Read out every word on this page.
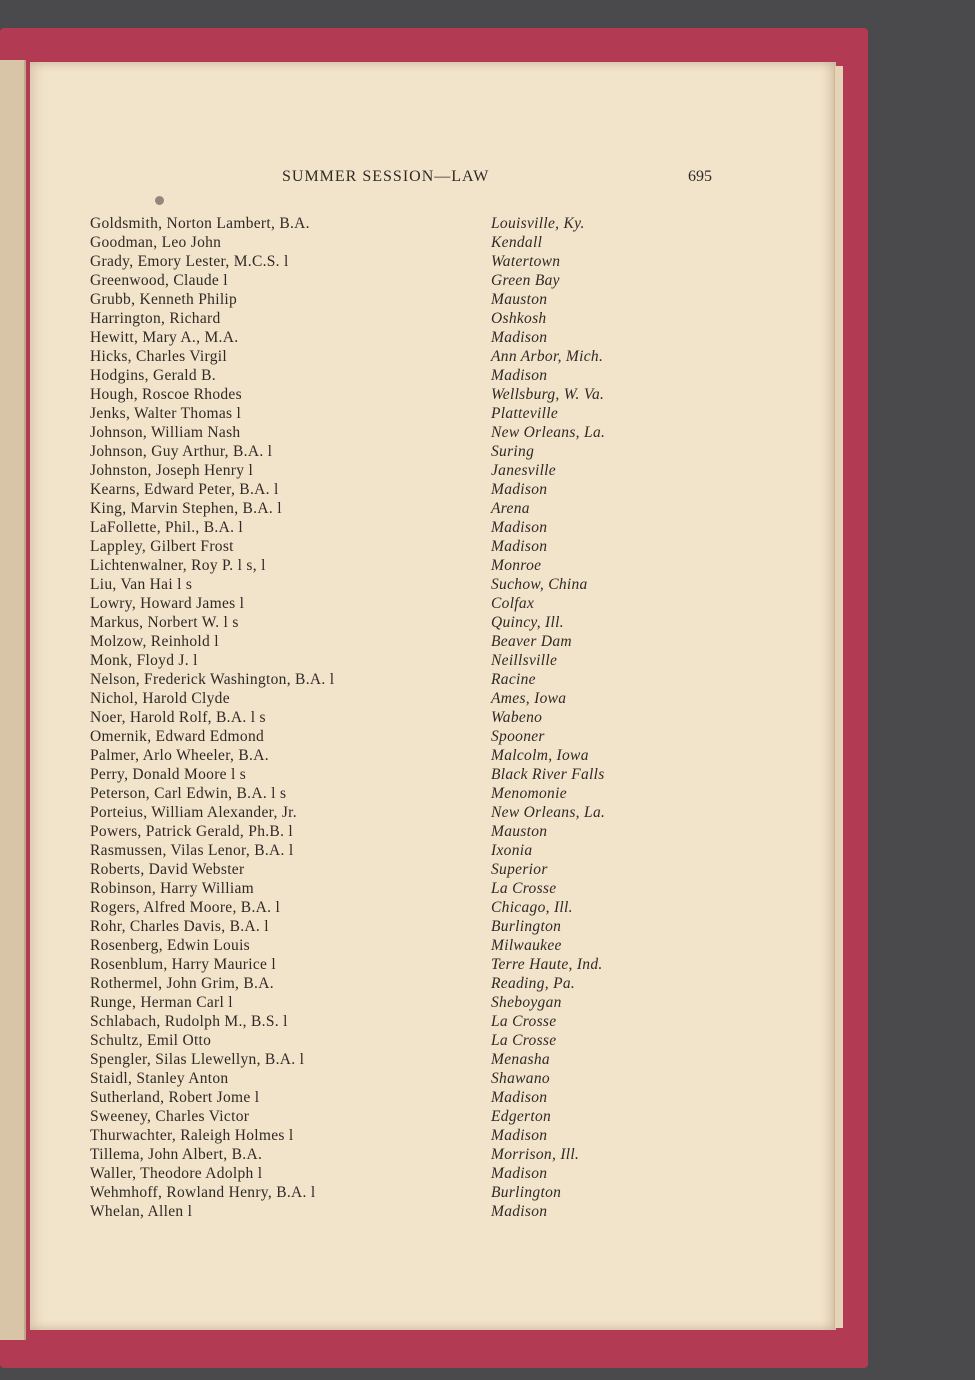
SUMMER SESSION—LAW	695
Goldsmith, Norton Lambert, B.A.	Louisville, Ky.
Goodman, Leo John	Kendall
Grady, Emory Lester, M.C.S. l	Watertown
Greenwood, Claude l	Green Bay
Grubb, Kenneth Philip	Mauston
Harrington, Richard	Oshkosh
Hewitt, Mary A., M.A.	Madison
Hicks, Charles Virgil	Ann Arbor, Mich.
Hodgins, Gerald B.	Madison
Hough, Roscoe Rhodes	Wellsburg, W. Va.
Jenks, Walter Thomas l	Platteville
Johnson, William Nash	New Orleans, La.
Johnson, Guy Arthur, B.A. l	Suring
Johnston, Joseph Henry l	Janesville
Kearns, Edward Peter, B.A. l	Madison
King, Marvin Stephen, B.A. l	Arena
LaFollette, Phil., B.A. l	Madison
Lappley, Gilbert Frost	Madison
Lichtenwalner, Roy P. l s, l	Monroe
Liu, Van Hai l s	Suchow, China
Lowry, Howard James l	Colfax
Markus, Norbert W. l s	Quincy, Ill.
Molzow, Reinhold l	Beaver Dam
Monk, Floyd J. l	Neillsville
Nelson, Frederick Washington, B.A. l	Racine
Nichol, Harold Clyde	Ames, Iowa
Noer, Harold Rolf, B.A. l s	Wabeno
Omernik, Edward Edmond	Spooner
Palmer, Arlo Wheeler, B.A.	Malcolm, Iowa
Perry, Donald Moore l s	Black River Falls
Peterson, Carl Edwin, B.A. l s	Menomonie
Porteius, William Alexander, Jr.	New Orleans, La.
Powers, Patrick Gerald, Ph.B. l	Mauston
Rasmussen, Vilas Lenor, B.A. l	Ixonia
Roberts, David Webster	Superior
Robinson, Harry William	La Crosse
Rogers, Alfred Moore, B.A. l	Chicago, Ill.
Rohr, Charles Davis, B.A. l	Burlington
Rosenberg, Edwin Louis	Milwaukee
Rosenblum, Harry Maurice l	Terre Haute, Ind.
Rothermel, John Grim, B.A.	Reading, Pa.
Runge, Herman Carl l	Sheboygan
Schlabach, Rudolph M., B.S. l	La Crosse
Schultz, Emil Otto	La Crosse
Spengler, Silas Llewellyn, B.A. l	Menasha
Staidl, Stanley Anton	Shawano
Sutherland, Robert Jome l	Madison
Sweeney, Charles Victor	Edgerton
Thurwachter, Raleigh Holmes l	Madison
Tillema, John Albert, B.A.	Morrison, Ill.
Waller, Theodore Adolph l	Madison
Wehmhoff, Rowland Henry, B.A. l	Burlington
Whelan, Allen l	Madison
